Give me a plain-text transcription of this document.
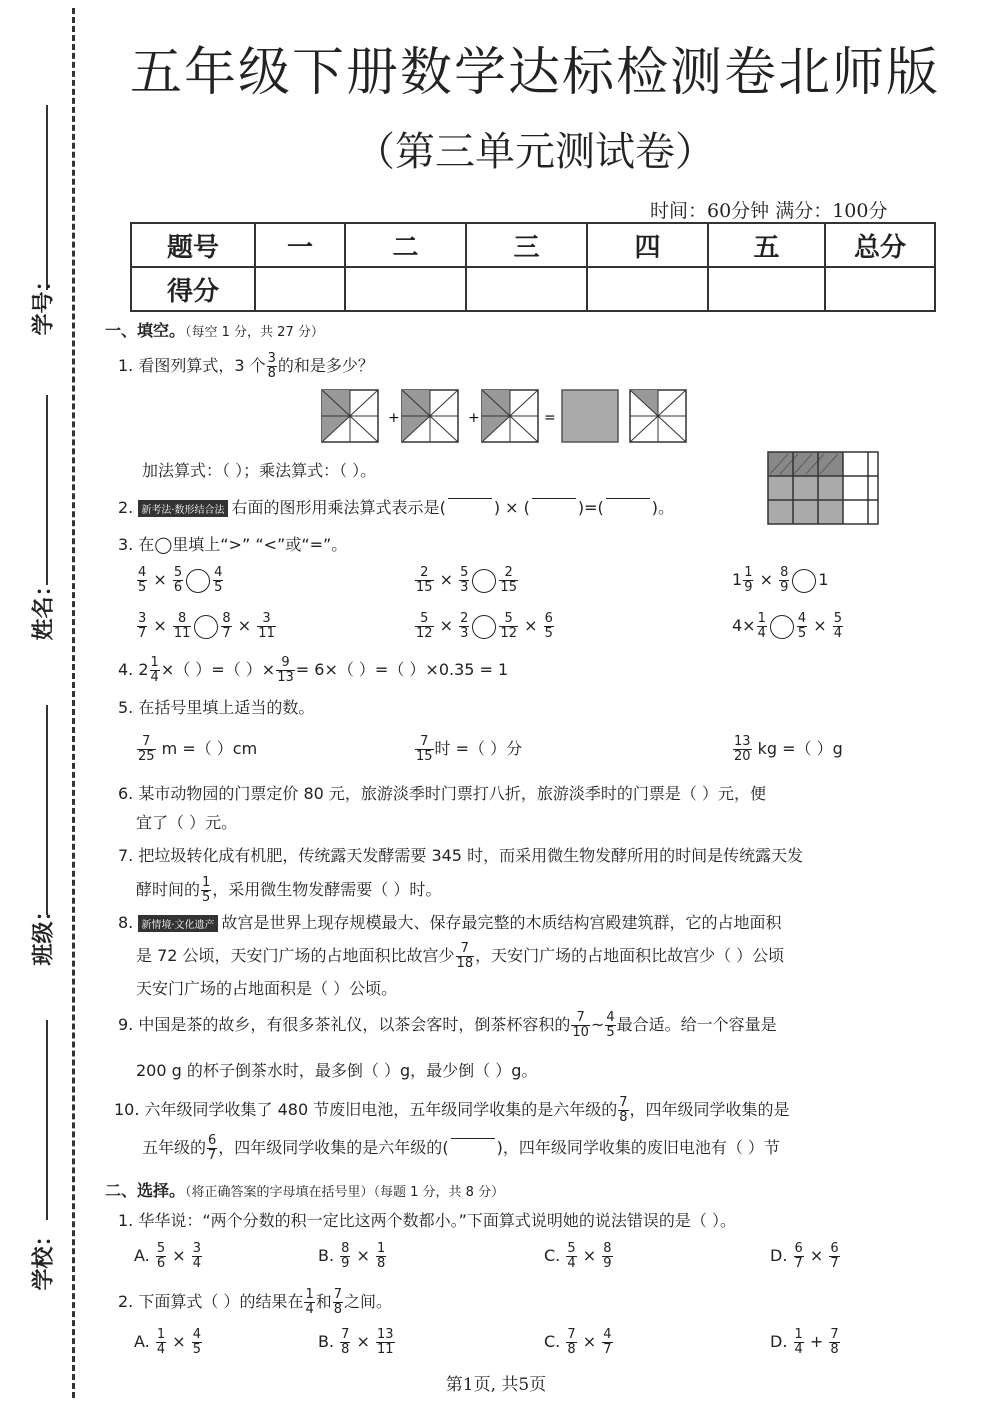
学号：
姓名：
班级：
学校：
五年级下册数学达标检测卷北师版
（第三单元测试卷）
时间：60分钟 满分：100分
题号	一	二	三	四	五	总分
得分						
一、填空。（每空 1 分，共 27 分）
1. 看图列算式，3 个 $\frac{3}{8}$ 的和是多少？
+	+	=
加法算式：（ ）；乘法算式：（ ）。
2. 新考法·数形结合法 右面的图形用乘法算式表示是(	) × (	)=(	)。
3. 在◯里填上“>” “<”或“=”。
$\frac{4}{5} \times \frac{5}{6} \frac{4}{5}$	$\frac{2}{15} \times \frac{5}{3} \frac{2}{15}$	$1 \frac{1}{9} \times \frac{8}{9} 1$
$\frac{3}{7} \times \frac{8}{11} \frac{8}{7} \times \frac{3}{11}$	$\frac{5}{12} \times \frac{2}{3} \frac{5}{12} \times \frac{6}{5}$	$4\times \frac{1}{4} \frac{4}{5} \times \frac{5}{4}$
4. $2 \frac{1}{4}$ ×（ ）=（ ）× $\frac{9}{13} = 6\times$（ ）=（ ）×0.35 = 1
5. 在括号里填上适当的数。
$\frac{7}{25}$ m =（ ）cm	$\frac{7}{15}$ 时 =（ ）分	$\frac{13}{20}$ kg =（ ）g
6. 某市动物园的门票定价 80 元，旅游淡季时门票打八折，旅游淡季时的门票是（ ）元，便
宜了（ ）元。
7. 把垃圾转化成有机肥，传统露天发酵需要 345 时，而采用微生物发酵所用的时间是传统露天发
酵时间的 $\frac{1}{5}$ ，采用微生物发酵需要（ ）时。
8. 新情境·文化遗产 故宫是世界上现存规模最大、保存最完整的木质结构宫殿建筑群，它的占地面积
是 72 公顷，天安门广场的占地面积比故宫少 $\frac{7}{18}$ ，天安门广场的占地面积比故宫少（ ）公顷
天安门广场的占地面积是（ ）公顷。
9. 中国是茶的故乡，有很多茶礼仪，以茶会客时，倒茶杯容积的 $\frac{7}{10}$ ~ $\frac{4}{5}$ 最合适。给一个容量是
200 g 的杯子倒茶水时，最多倒（ ）g，最少倒（ ）g。
10. 六年级同学收集了 480 节废旧电池，五年级同学收集的是六年级的 $\frac{7}{8}$ ，四年级同学收集的是
五年级的 $\frac{6}{7}$ ，四年级同学收集的是六年级的(	)，四年级同学收集的废旧电池有（ ）节
二、选择。（将正确答案的字母填在括号里）（每题 1 分，共 8 分）
1. 华华说：“两个分数的积一定比这两个数都小。”下面算式说明她的说法错误的是（ ）。
A. $\frac{5}{6} \times \frac{3}{4}$	B. $\frac{8}{9} \times \frac{1}{8}$	C. $\frac{5}{4} \times \frac{8}{9}$	D. $\frac{6}{7} \times \frac{6}{7}$
2. 下面算式（ ）的结果在 $\frac{1}{4}$ 和 $\frac{7}{8}$ 之间。
A. $\frac{1}{4} \times \frac{4}{5}$	B. $\frac{7}{8} \times \frac{13}{11}$	C. $\frac{7}{8} \times \frac{4}{7}$	D. $\frac{1}{4} + \frac{7}{8}$
第1页, 共5页
